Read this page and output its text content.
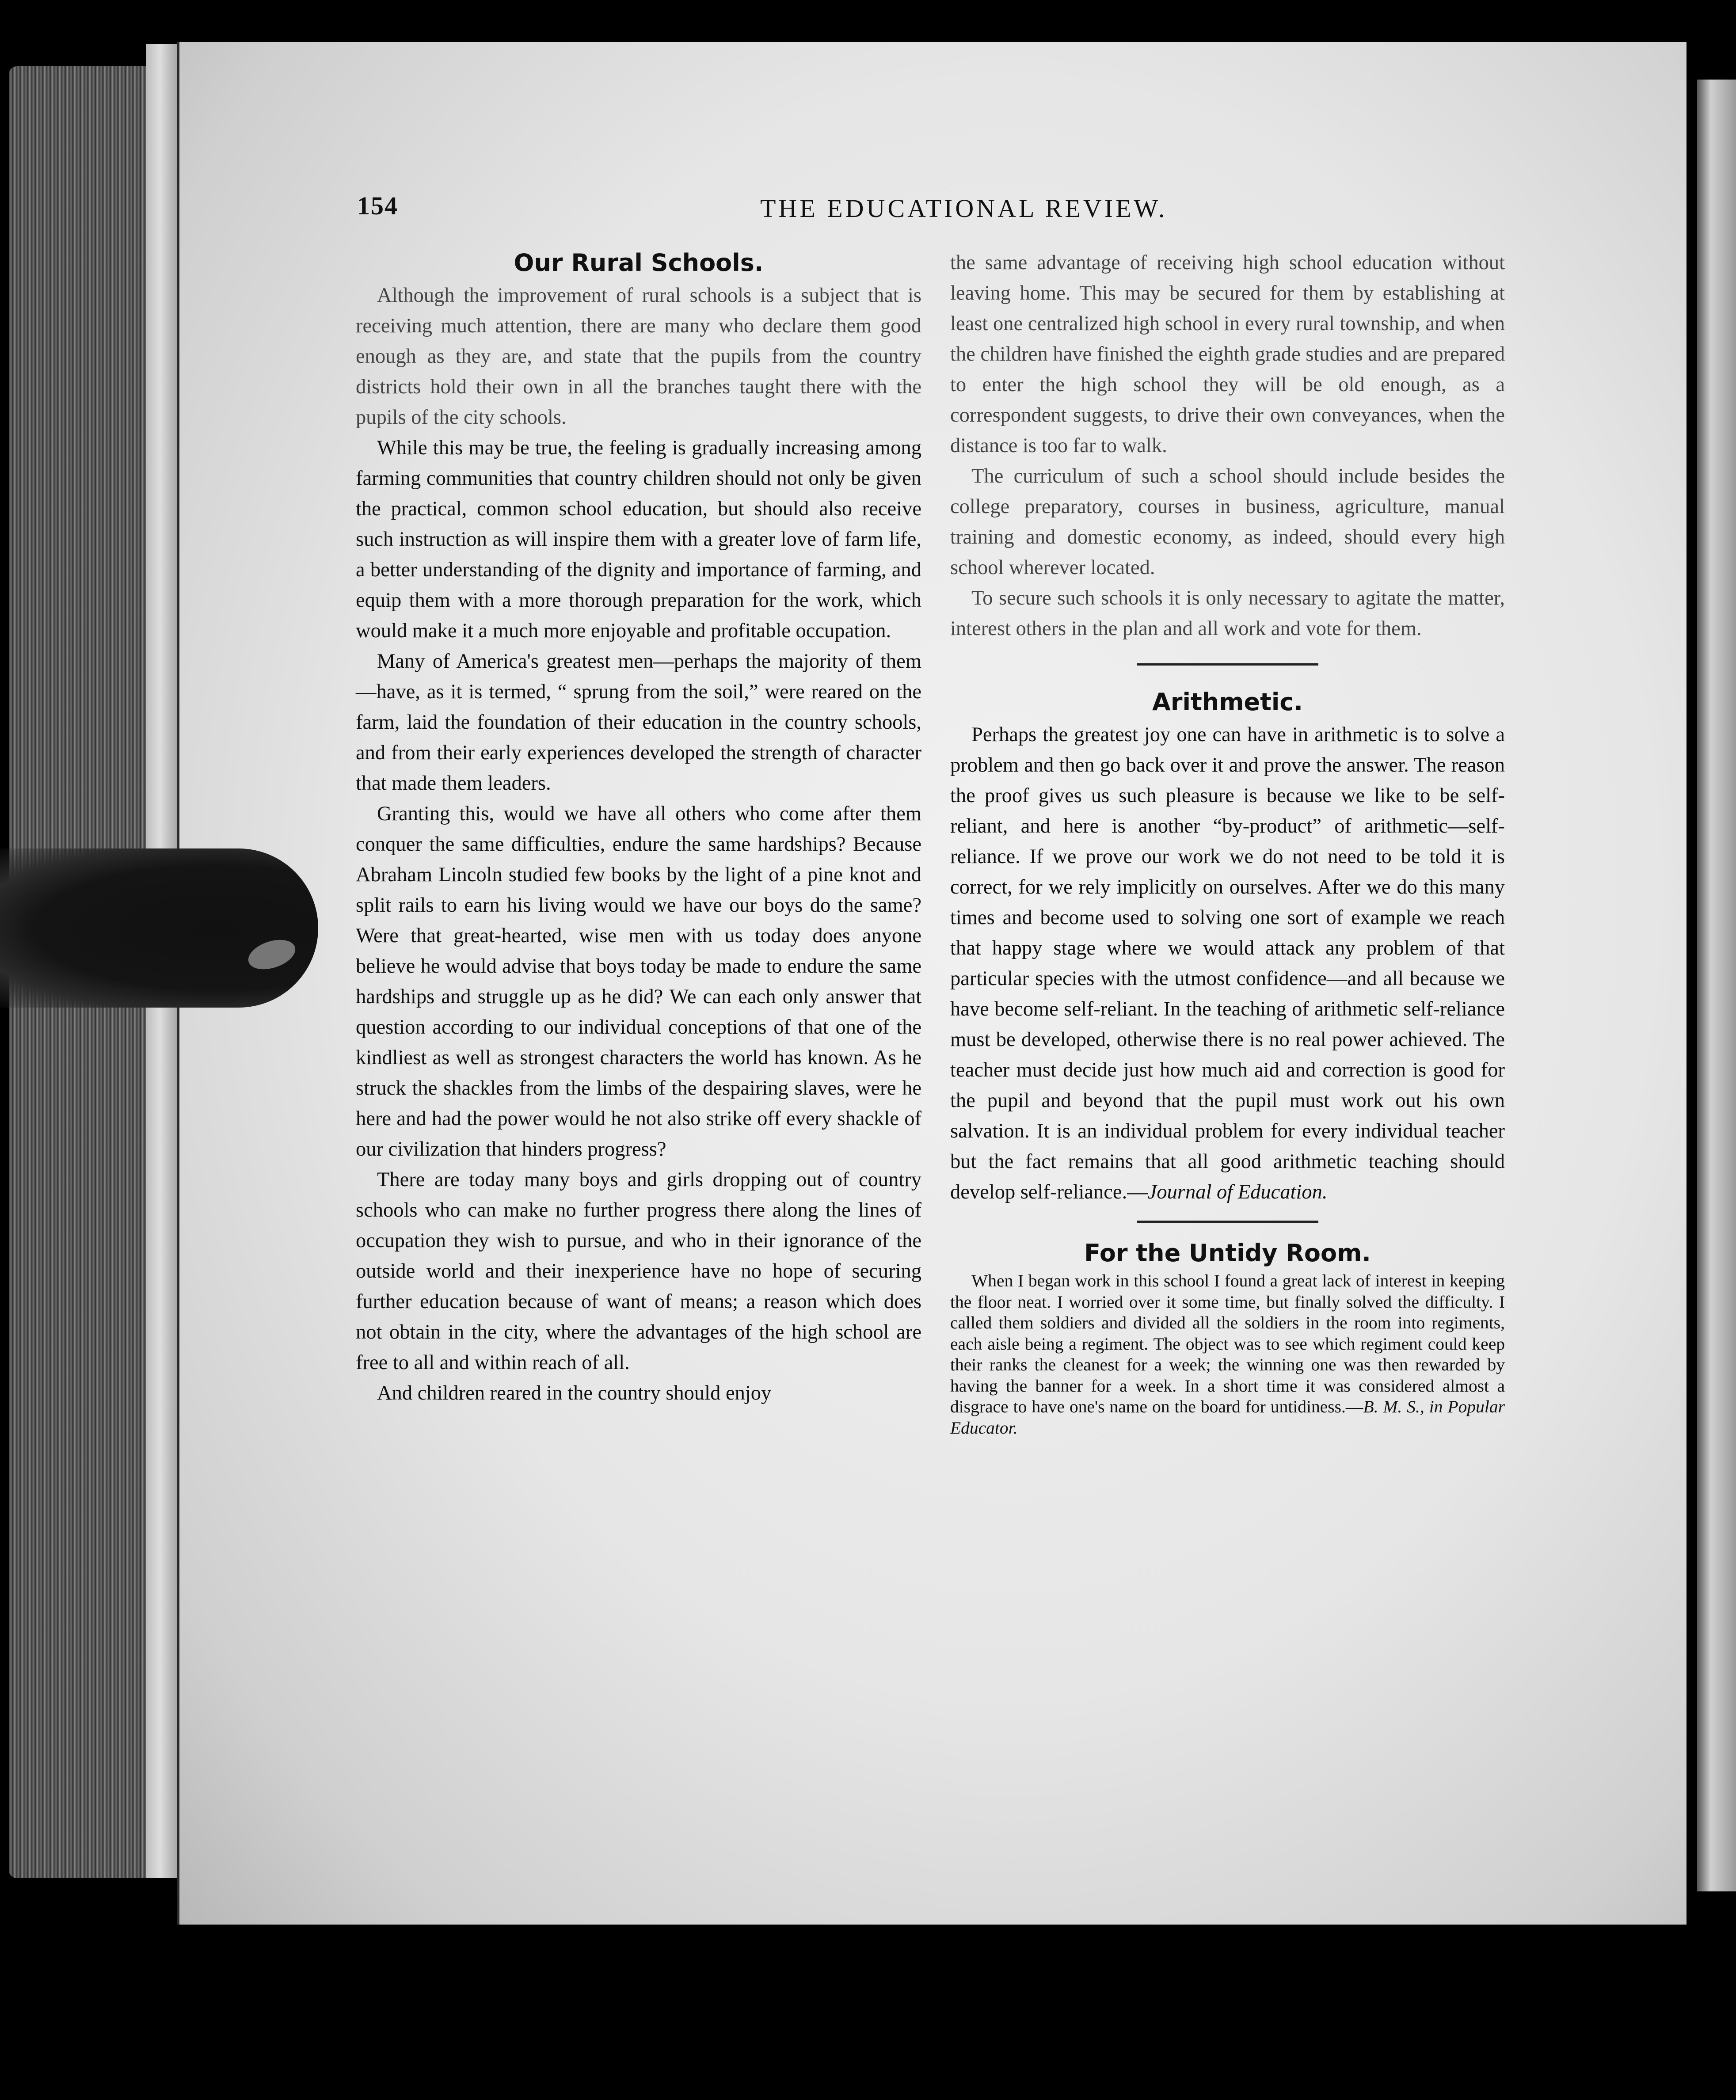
154	THE EDUCATIONAL REVIEW.
Our Rural Schools.

Although the improvement of rural schools is a subject that is receiving much attention, there are many who declare them good enough as they are, and state that the pupils from the country districts hold their own in all the branches taught there with the pupils of the city schools.

While this may be true, the feeling is gradually increasing among farming communities that country children should not only be given the practical, common school education, but should also receive such instruction as will inspire them with a greater love of farm life, a better understanding of the dignity and importance of farming, and equip them with a more thorough preparation for the work, which would make it a much more enjoyable and profitable occupation.

Many of America's greatest men—perhaps the majority of them—have, as it is termed, “ sprung from the soil,” were reared on the farm, laid the foundation of their education in the country schools, and from their early experiences developed the strength of character that made them leaders.

Granting this, would we have all others who come after them conquer the same difficulties, endure the same hardships? Because Abraham Lincoln studied few books by the light of a pine knot and split rails to earn his living would we have our boys do the same? Were that great-hearted, wise men with us today does anyone believe he would advise that boys today be made to endure the same hardships and struggle up as he did? We can each only answer that question according to our individual conceptions of that one of the kindliest as well as strongest characters the world has known. As he struck the shackles from the limbs of the despairing slaves, were he here and had the power would he not also strike off every shackle of our civilization that hinders progress?

There are today many boys and girls dropping out of country schools who can make no further progress there along the lines of occupation they wish to pursue, and who in their ignorance of the outside world and their inexperience have no hope of securing further education because of want of means; a reason which does not obtain in the city, where the advantages of the high school are free to all and within reach of all.

And children reared in the country should enjoy

the same advantage of receiving high school education without leaving home. This may be secured for them by establishing at least one centralized high school in every rural township, and when the children have finished the eighth grade studies and are prepared to enter the high school they will be old enough, as a correspondent suggests, to drive their own conveyances, when the distance is too far to walk.

The curriculum of such a school should include besides the college preparatory, courses in business, agriculture, manual training and domestic economy, as indeed, should every high school wherever located.

To secure such schools it is only necessary to agitate the matter, interest others in the plan and all work and vote for them.

Arithmetic.

Perhaps the greatest joy one can have in arithmetic is to solve a problem and then go back over it and prove the answer. The reason the proof gives us such pleasure is because we like to be self-reliant, and here is another “by-product” of arithmetic—self-reliance. If we prove our work we do not need to be told it is correct, for we rely implicitly on ourselves. After we do this many times and become used to solving one sort of example we reach that happy stage where we would attack any problem of that particular species with the utmost confidence—and all because we have become self-reliant. In the teaching of arithmetic self-reliance must be developed, otherwise there is no real power achieved. The teacher must decide just how much aid and correction is good for the pupil and beyond that the pupil must work out his own salvation. It is an individual problem for every individual teacher but the fact remains that all good arithmetic teaching should develop self-reliance.—Journal of Education.

For the Untidy Room.

When I began work in this school I found a great lack of interest in keeping the floor neat. I worried over it some time, but finally solved the difficulty. I called them soldiers and divided all the soldiers in the room into regiments, each aisle being a regiment. The object was to see which regiment could keep their ranks the cleanest for a week; the winning one was then rewarded by having the banner for a week. In a short time it was considered almost a disgrace to have one's name on the board for untidiness.—B. M. S., in Popular Educator.
